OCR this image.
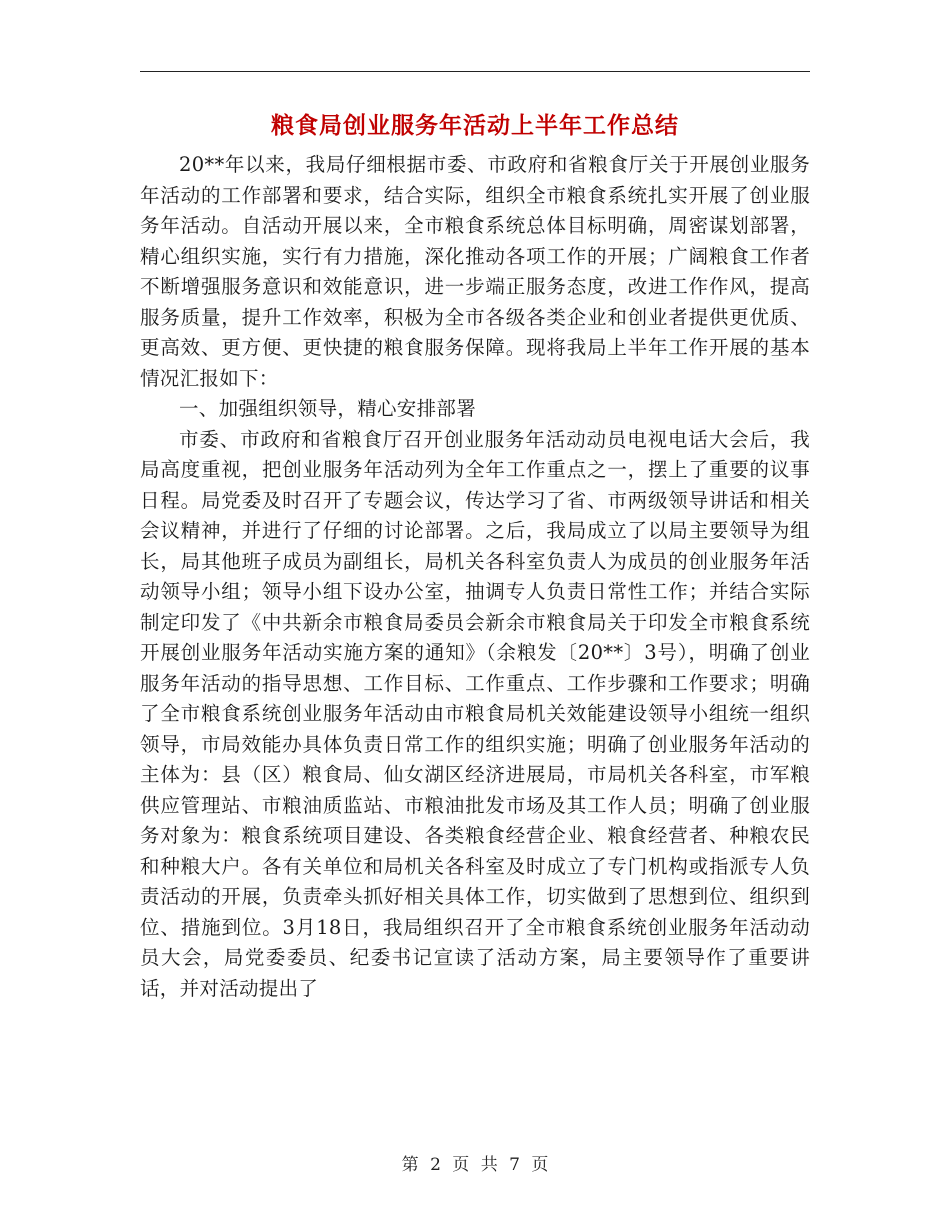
粮食局创业服务年活动上半年工作总结

20**年以来，我局仔细根据市委、市政府和省粮食厅关于开展创业服务年活动的工作部署和要求，结合实际，组织全市粮食系统扎实开展了创业服务年活动。自活动开展以来，全市粮食系统总体目标明确，周密谋划部署，精心组织实施，实行有力措施，深化推动各项工作的开展；广阔粮食工作者不断增强服务意识和效能意识，进一步端正服务态度，改进工作作风，提高服务质量，提升工作效率，积极为全市各级各类企业和创业者提供更优质、更高效、更方便、更快捷的粮食服务保障。现将我局上半年工作开展的基本情况汇报如下：

一、加强组织领导，精心安排部署

市委、市政府和省粮食厅召开创业服务年活动动员电视电话大会后，我局高度重视，把创业服务年活动列为全年工作重点之一，摆上了重要的议事日程。局党委及时召开了专题会议，传达学习了省、市两级领导讲话和相关会议精神，并进行了仔细的讨论部署。之后，我局成立了以局主要领导为组长，局其他班子成员为副组长，局机关各科室负责人为成员的创业服务年活动领导小组；领导小组下设办公室，抽调专人负责日常性工作；并结合实际制定印发了《中共新余市粮食局委员会新余市粮食局关于印发全市粮食系统开展创业服务年活动实施方案的通知》（余粮发〔20**〕3号），明确了创业服务年活动的指导思想、工作目标、工作重点、工作步骤和工作要求；明确了全市粮食系统创业服务年活动由市粮食局机关效能建设领导小组统一组织领导，市局效能办具体负责日常工作的组织实施；明确了创业服务年活动的主体为：县（区）粮食局、仙女湖区经济进展局，市局机关各科室，市军粮供应管理站、市粮油质监站、市粮油批发市场及其工作人员；明确了创业服务对象为：粮食系统项目建设、各类粮食经营企业、粮食经营者、种粮农民和种粮大户。各有关单位和局机关各科室及时成立了专门机构或指派专人负责活动的开展，负责牵头抓好相关具体工作，切实做到了思想到位、组织到位、措施到位。3月18日，我局组织召开了全市粮食系统创业服务年活动动员大会，局党委委员、纪委书记宣读了活动方案，局主要领导作了重要讲话，并对活动提出了

第 2 页 共 7 页
